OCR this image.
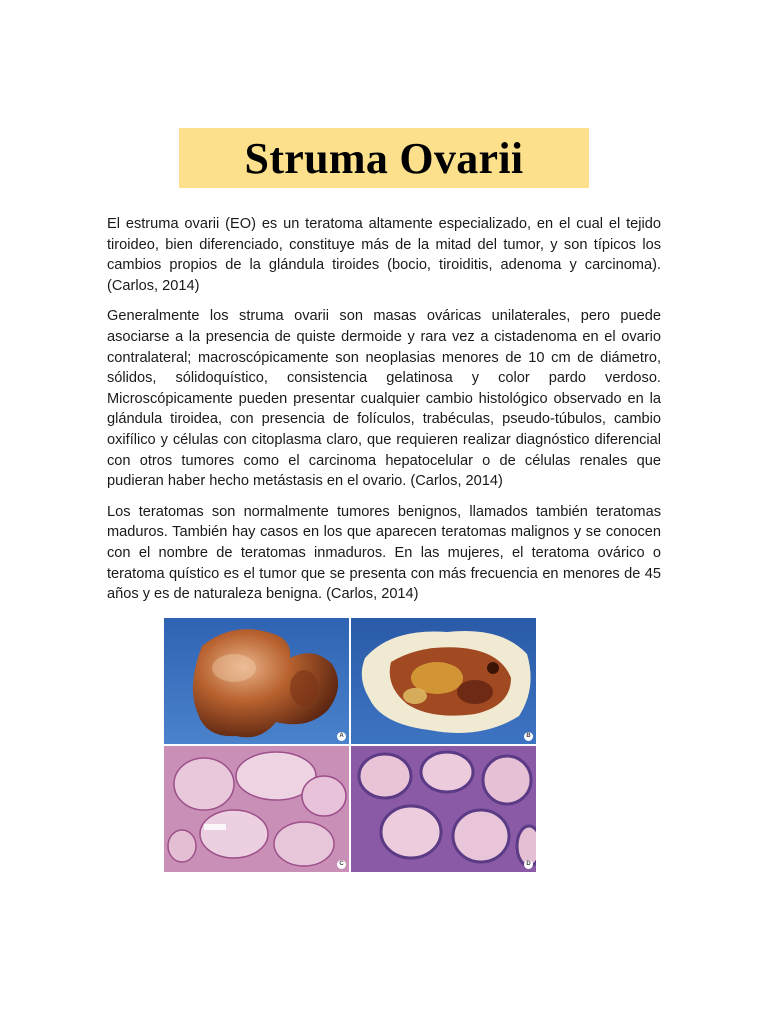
Struma Ovarii

El estruma ovarii (EO) es un teratoma altamente especializado, en el cual el tejido tiroideo, bien diferenciado, constituye más de la mitad del tumor, y son típicos los cambios propios de la glándula tiroides (bocio, tiroiditis, adenoma y carcinoma). (Carlos, 2014)

Generalmente los struma ovarii son masas ováricas unilaterales, pero puede asociarse a la presencia de quiste dermoide y rara vez a cistadenoma en el ovario contralateral; macroscópicamente son neoplasias menores de 10 cm de diámetro, sólidos, sólidoquístico, consistencia gelatinosa y color pardo verdoso. Microscópicamente pueden presentar cualquier cambio histológico observado en la glándula tiroidea, con presencia de folículos, trabéculas, pseudo-túbulos, cambio oxifílico y células con citoplasma claro, que requieren realizar diagnóstico diferencial con otros tumores como el carcinoma hepatocelular o de células renales que pudieran haber hecho metástasis en el ovario. (Carlos, 2014)

Los teratomas son normalmente tumores benignos, llamados también teratomas maduros. También hay casos en los que aparecen teratomas malignos y se conocen con el nombre de teratomas inmaduros. En las mujeres, el teratoma ovárico o teratoma quístico es el tumor que se presenta con más frecuencia en menores de 45 años y es de naturaleza benigna. (Carlos, 2014)

A	B
C	D
